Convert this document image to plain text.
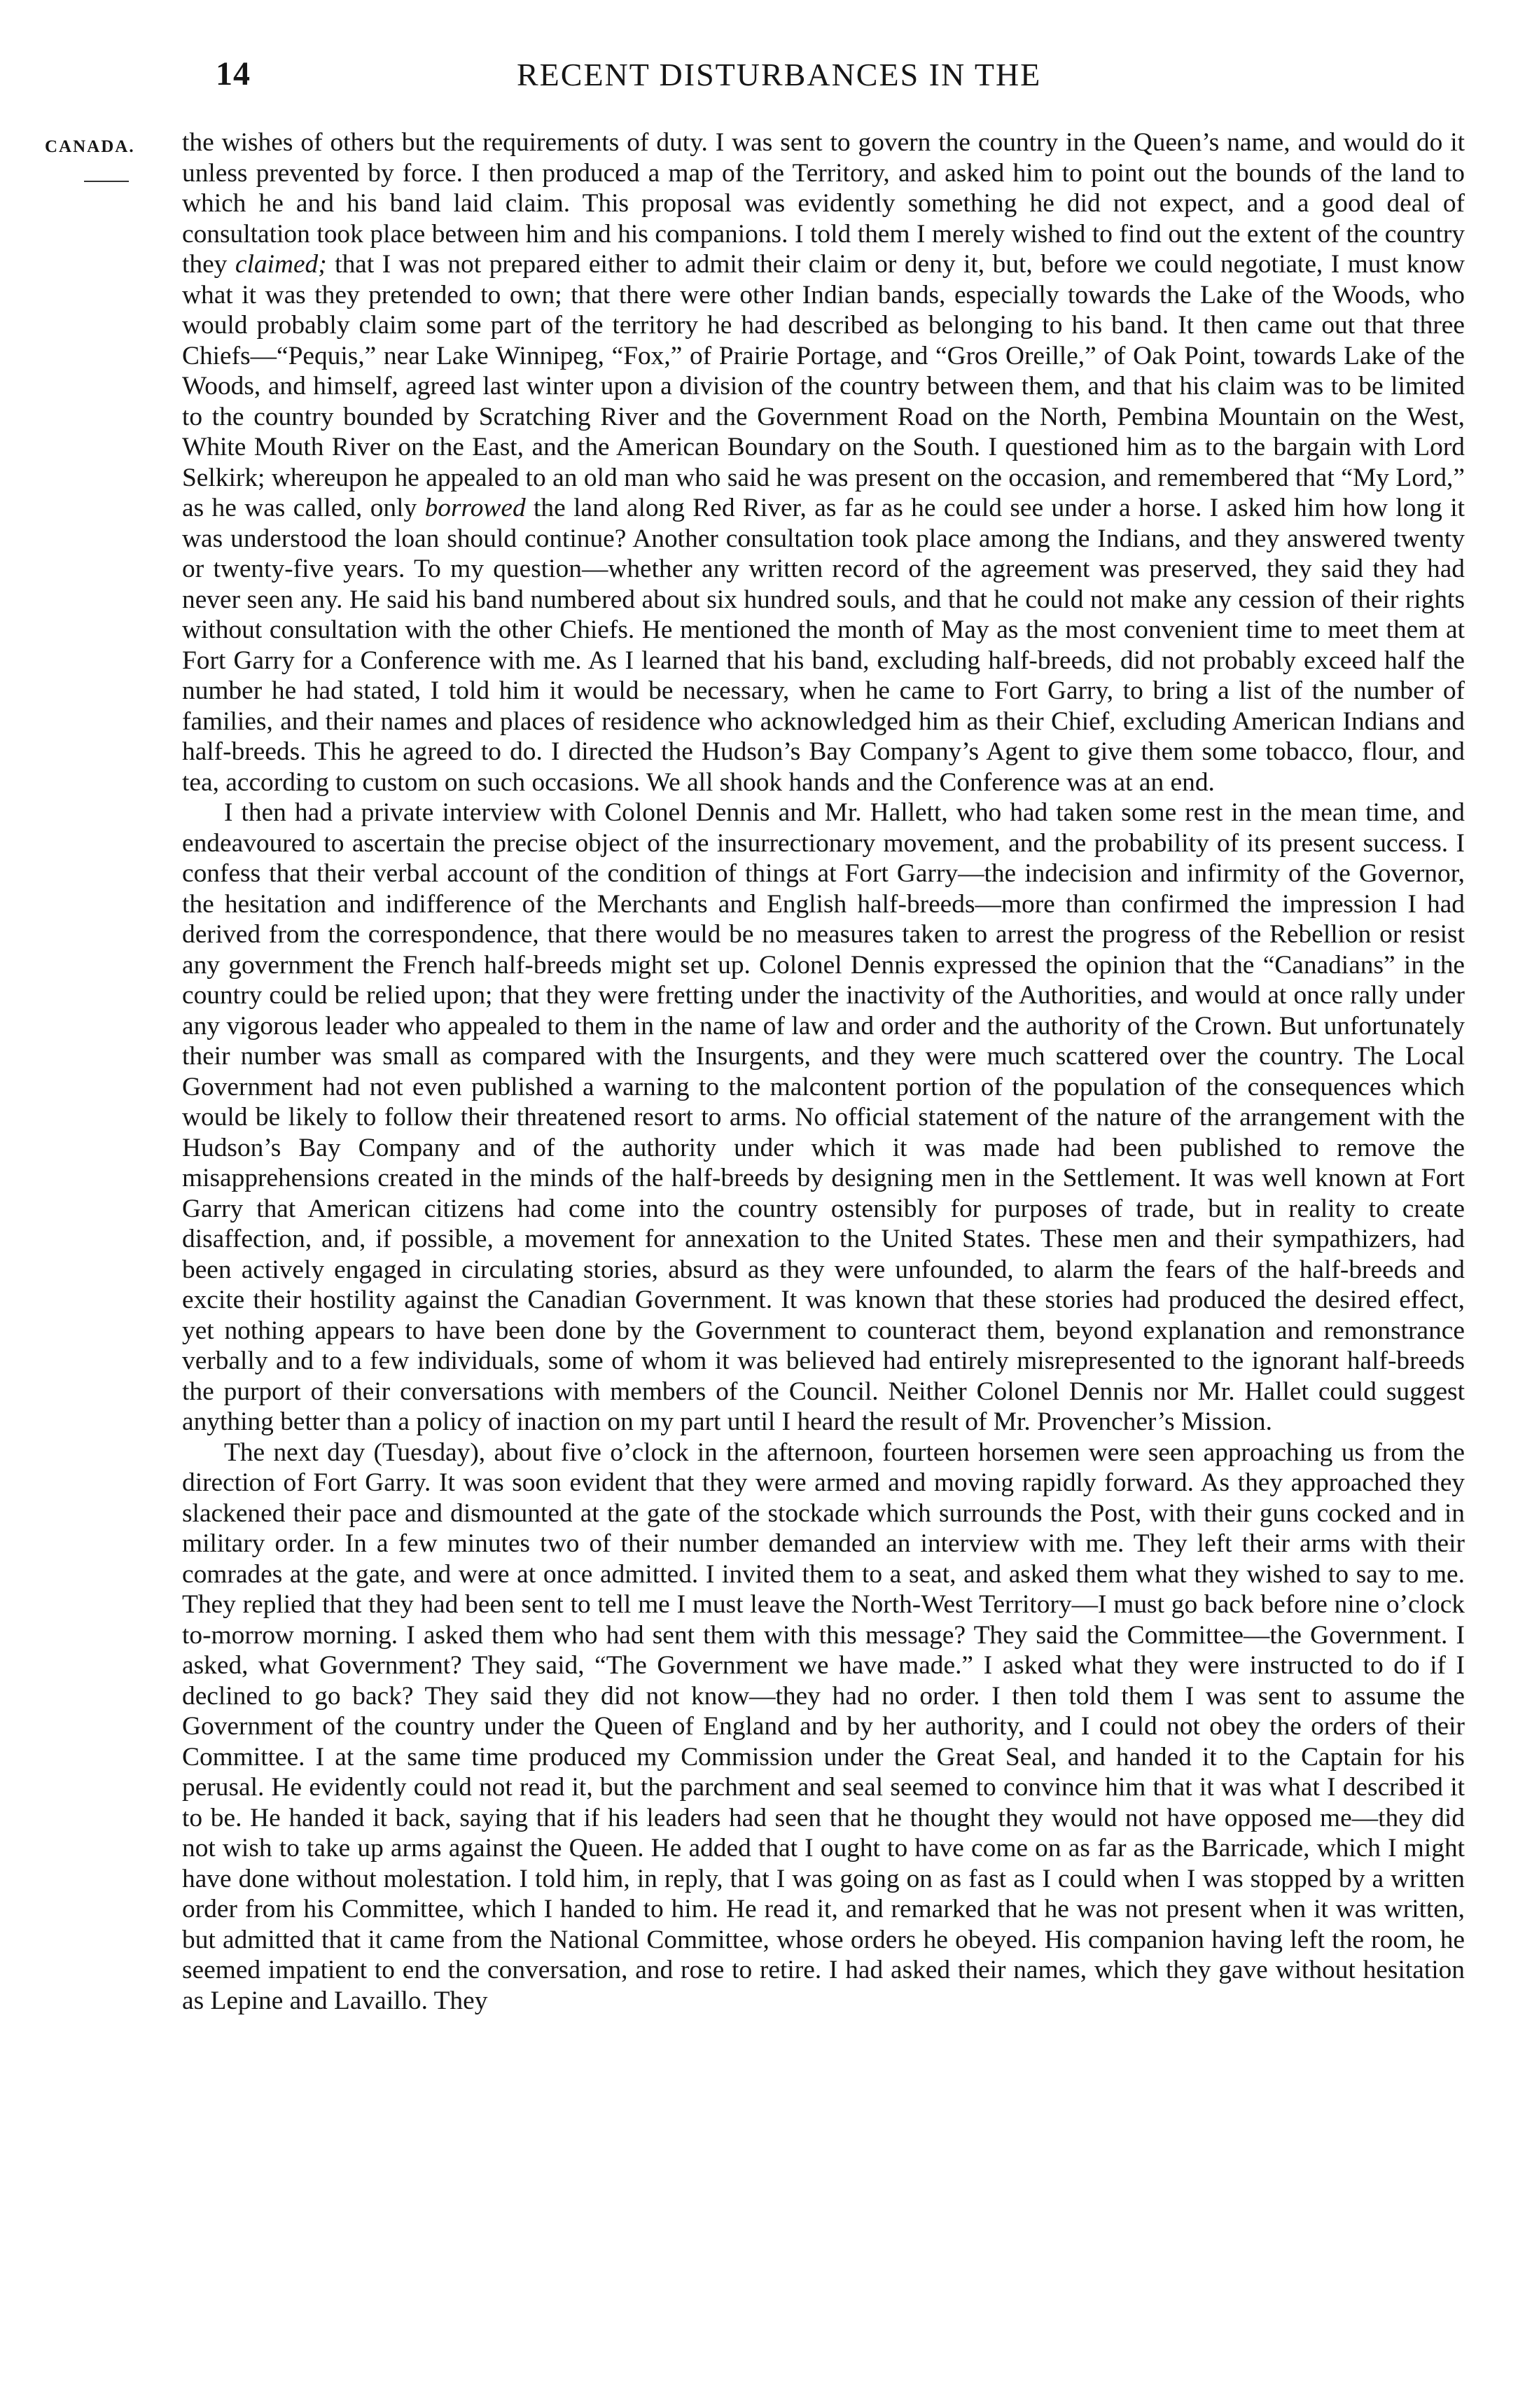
14	RECENT DISTURBANCES IN THE
CANADA. the wishes of others but the requirements of duty. I was sent to govern the country in the Queen’s name, and would do it unless prevented by force. I then produced a map of the Territory, and asked him to point out the bounds of the land to which he and his band laid claim. This proposal was evidently something he did not expect, and a good deal of consultation took place between him and his companions. I told them I merely wished to find out the extent of the country they claimed; that I was not prepared either to admit their claim or deny it, but, before we could negotiate, I must know what it was they pretended to own; that there were other Indian bands, especially towards the Lake of the Woods, who would probably claim some part of the territory he had described as belonging to his band. It then came out that three Chiefs—“Pequis,” near Lake Winnipeg, “Fox,” of Prairie Portage, and “Gros Oreille,” of Oak Point, towards Lake of the Woods, and himself, agreed last winter upon a division of the country between them, and that his claim was to be limited to the country bounded by Scratching River and the Government Road on the North, Pembina Mountain on the West, White Mouth River on the East, and the American Boundary on the South. I questioned him as to the bargain with Lord Selkirk; whereupon he appealed to an old man who said he was present on the occasion, and remembered that “My Lord,” as he was called, only borrowed the land along Red River, as far as he could see under a horse. I asked him how long it was understood the loan should continue? Another consultation took place among the Indians, and they answered twenty or twenty-five years. To my question—whether any written record of the agreement was preserved, they said they had never seen any. He said his band numbered about six hundred souls, and that he could not make any cession of their rights without consultation with the other Chiefs. He mentioned the month of May as the most convenient time to meet them at Fort Garry for a Conference with me. As I learned that his band, excluding half-breeds, did not probably exceed half the number he had stated, I told him it would be necessary, when he came to Fort Garry, to bring a list of the number of families, and their names and places of residence who acknowledged him as their Chief, excluding American Indians and half-breeds. This he agreed to do. I directed the Hudson’s Bay Company’s Agent to give them some tobacco, flour, and tea, according to custom on such occasions. We all shook hands and the Conference was at an end.

I then had a private interview with Colonel Dennis and Mr. Hallett, who had taken some rest in the mean time, and endeavoured to ascertain the precise object of the insurrectionary movement, and the probability of its present success. I confess that their verbal account of the condition of things at Fort Garry—the indecision and infirmity of the Governor, the hesitation and indifference of the Merchants and English half-breeds—more than confirmed the impression I had derived from the correspondence, that there would be no measures taken to arrest the progress of the Rebellion or resist any government the French half-breeds might set up. Colonel Dennis expressed the opinion that the “Canadians” in the country could be relied upon; that they were fretting under the inactivity of the Authorities, and would at once rally under any vigorous leader who appealed to them in the name of law and order and the authority of the Crown. But unfortunately their number was small as compared with the Insurgents, and they were much scattered over the country. The Local Government had not even published a warning to the malcontent portion of the population of the consequences which would be likely to follow their threatened resort to arms. No official statement of the nature of the arrangement with the Hudson’s Bay Company and of the authority under which it was made had been published to remove the misapprehensions created in the minds of the half-breeds by designing men in the Settlement. It was well known at Fort Garry that American citizens had come into the country ostensibly for purposes of trade, but in reality to create disaffection, and, if possible, a movement for annexation to the United States. These men and their sympathizers, had been actively engaged in circulating stories, absurd as they were unfounded, to alarm the fears of the half-breeds and excite their hostility against the Canadian Government. It was known that these stories had produced the desired effect, yet nothing appears to have been done by the Government to counteract them, beyond explanation and remonstrance verbally and to a few individuals, some of whom it was believed had entirely misrepresented to the ignorant half-breeds the purport of their conversations with members of the Council. Neither Colonel Dennis nor Mr. Hallet could suggest anything better than a policy of inaction on my part until I heard the result of Mr. Provencher’s Mission.

The next day (Tuesday), about five o’clock in the afternoon, fourteen horsemen were seen approaching us from the direction of Fort Garry. It was soon evident that they were armed and moving rapidly forward. As they approached they slackened their pace and dismounted at the gate of the stockade which surrounds the Post, with their guns cocked and in military order. In a few minutes two of their number demanded an interview with me. They left their arms with their comrades at the gate, and were at once admitted. I invited them to a seat, and asked them what they wished to say to me. They replied that they had been sent to tell me I must leave the North-West Territory—I must go back before nine o’clock to-morrow morning. I asked them who had sent them with this message? They said the Committee—the Government. I asked, what Government? They said, “The Government we have made.” I asked what they were instructed to do if I declined to go back? They said they did not know—they had no order. I then told them I was sent to assume the Government of the country under the Queen of England and by her authority, and I could not obey the orders of their Committee. I at the same time produced my Commission under the Great Seal, and handed it to the Captain for his perusal. He evidently could not read it, but the parchment and seal seemed to convince him that it was what I described it to be. He handed it back, saying that if his leaders had seen that he thought they would not have opposed me—they did not wish to take up arms against the Queen. He added that I ought to have come on as far as the Barricade, which I might have done without molestation. I told him, in reply, that I was going on as fast as I could when I was stopped by a written order from his Committee, which I handed to him. He read it, and remarked that he was not present when it was written, but admitted that it came from the National Committee, whose orders he obeyed. His companion having left the room, he seemed impatient to end the conversation, and rose to retire. I had asked their names, which they gave without hesitation as Lepine and Lavaillo. They
